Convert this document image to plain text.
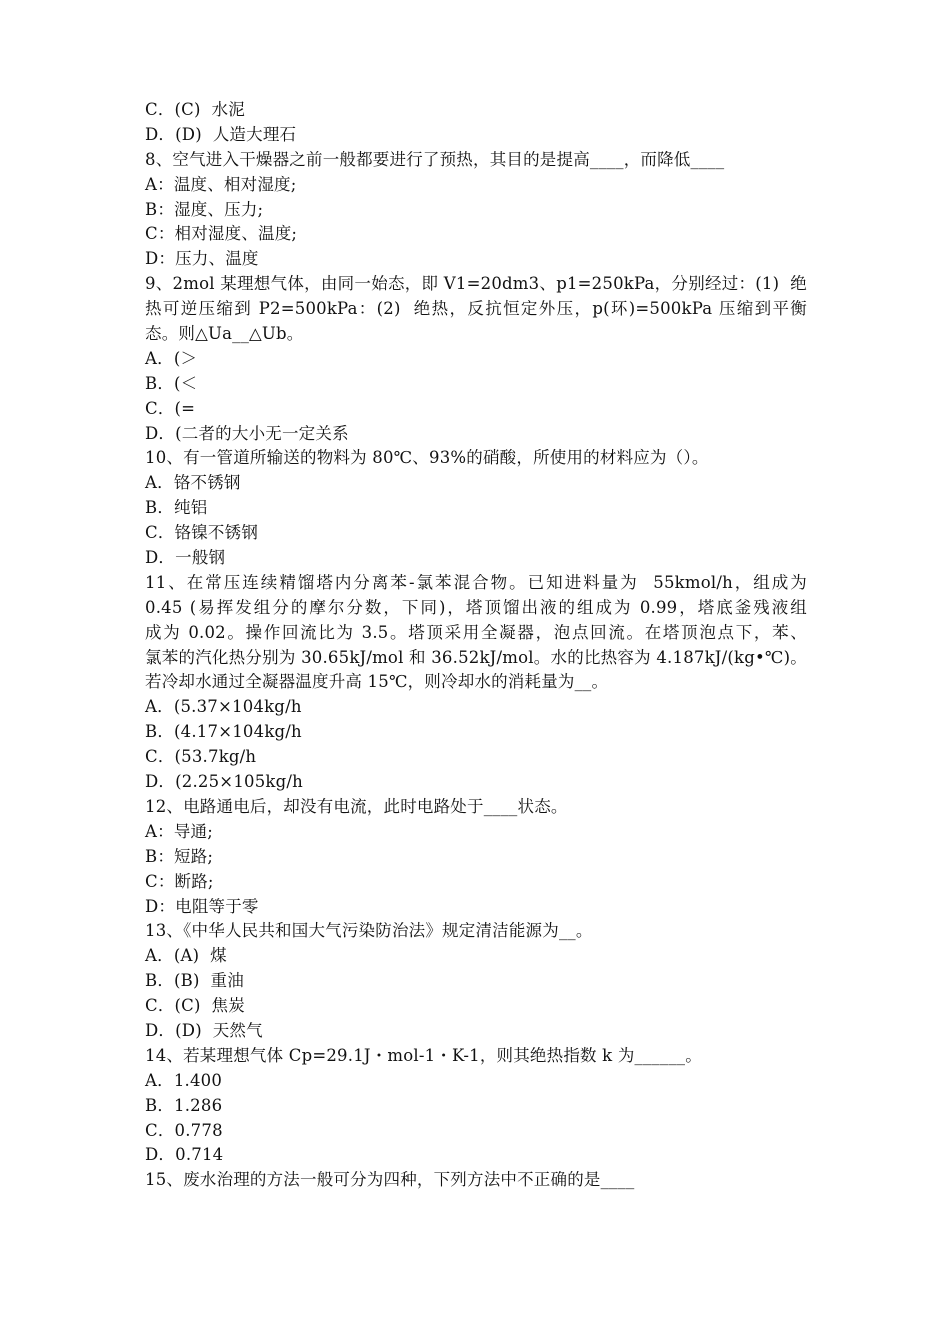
C．(C)  水泥
D．(D)  人造大理石
8、空气进入干燥器之前一般都要进行了预热，其目的是提高____，而降低____
A：温度、相对湿度;
B：湿度、压力;
C：相对湿度、温度;
D：压力、温度
9、2mol 某理想气体，由同一始态，即 V1=20dm3、p1=250kPa，分别经过：(1)  绝
热可逆压缩到 P2=500kPa：(2)  绝热，反抗恒定外压，p(环)=500kPa 压缩到平衡
态。则△Ua__△Ub。
A．(＞
B．(＜
C．(=
D．(二者的大小无一定关系
10、有一管道所输送的物料为 80℃、93%的硝酸，所使用的材料应为（）。
A．铬不锈钢
B．纯铝
C．铬镍不锈钢
D．一般钢
11、在常压连续精馏塔内分离苯-氯苯混合物。已知进料量为  55kmol/h，组成为
0.45 (易挥发组分的摩尔分数，下同)，塔顶馏出液的组成为 0.99，塔底釜残液组
成为 0.02。操作回流比为 3.5。塔顶采用全凝器，泡点回流。在塔顶泡点下，苯、
氯苯的汽化热分别为 30.65kJ/mol 和 36.52kJ/mol。水的比热容为 4.187kJ/(kg•℃)。
若冷却水通过全凝器温度升高 15℃，则冷却水的消耗量为__。
A．(5.37×104kg/h
B．(4.17×104kg/h
C．(53.7kg/h
D．(2.25×105kg/h
12、电路通电后，却没有电流，此时电路处于____状态。
A：导通;
B：短路;
C：断路;
D：电阻等于零
13、《中华人民共和国大气污染防治法》规定清洁能源为__。
A．(A)  煤
B．(B)  重油
C．(C)  焦炭
D．(D)  天然气
14、若某理想气体 Cp=29.1J・mol-1・K-1，则其绝热指数 k 为______。
A．1.400
B．1.286
C．0.778
D．0.714
15、废水治理的方法一般可分为四种，下列方法中不正确的是____
